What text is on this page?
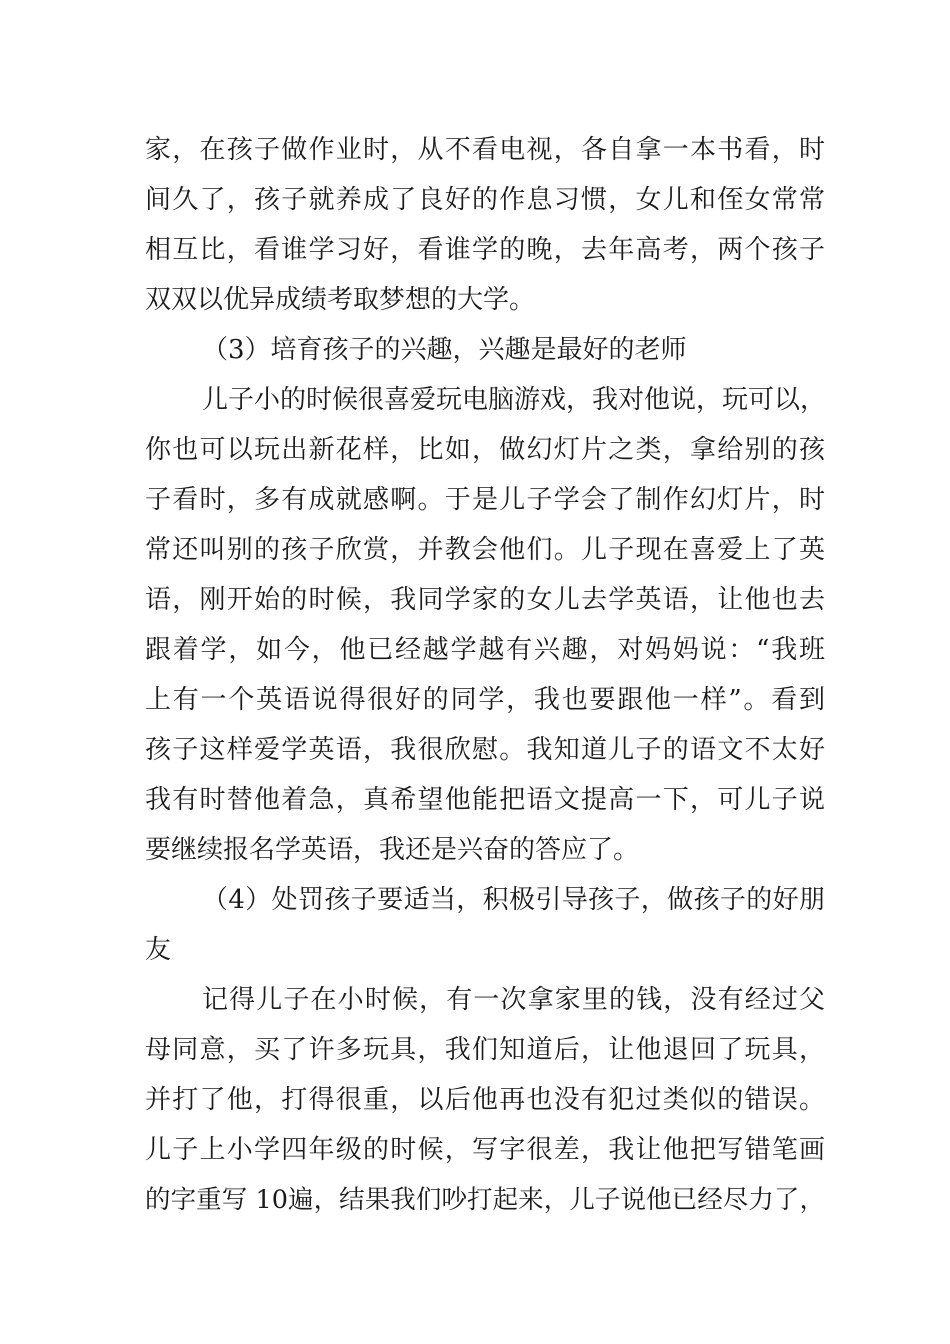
家，在孩子做作业时，从不看电视，各自拿一本书看，时
间久了，孩子就养成了良好的作息习惯，女儿和侄女常常
相互比，看谁学习好，看谁学的晚，去年高考，两个孩子
双双以优异成绩考取梦想的大学。
（3）培育孩子的兴趣，兴趣是最好的老师
儿子小的时候很喜爱玩电脑游戏，我对他说，玩可以，
你也可以玩出新花样，比如，做幻灯片之类，拿给别的孩
子看时，多有成就感啊。于是儿子学会了制作幻灯片，时
常还叫别的孩子欣赏，并教会他们。儿子现在喜爱上了英
语，刚开始的时候，我同学家的女儿去学英语，让他也去
跟着学，如今，他已经越学越有兴趣，对妈妈说：“我班
上有一个英语说得很好的同学，我也要跟他一样”。看到
孩子这样爱学英语，我很欣慰。我知道儿子的语文不太好
我有时替他着急，真希望他能把语文提高一下，可儿子说
要继续报名学英语，我还是兴奋的答应了。
（4）处罚孩子要适当，积极引导孩子，做孩子的好朋
友
记得儿子在小时候，有一次拿家里的钱，没有经过父
母同意，买了许多玩具，我们知道后，让他退回了玩具，
并打了他，打得很重，以后他再也没有犯过类似的错误。
儿子上小学四年级的时候，写字很差，我让他把写错笔画
的字重写 10遍，结果我们吵打起来，儿子说他已经尽力了，
